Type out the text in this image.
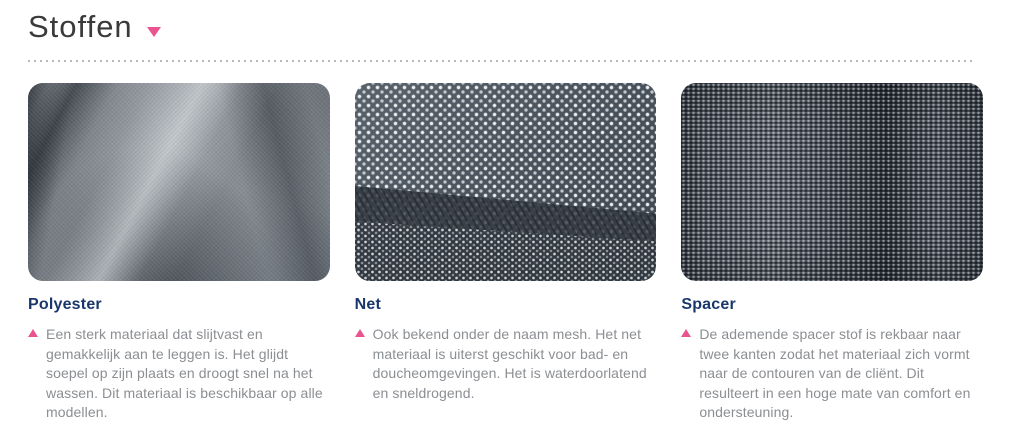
Stoffen
Polyester

Een sterk materiaal dat slijtvast en gemakkelijk aan te leggen is. Het glijdt soepel op zijn plaats en droogt snel na het wassen. Dit materiaal is beschikbaar op alle modellen.

Net

Ook bekend onder de naam mesh. Het net materiaal is uiterst geschikt voor bad- en doucheomgevingen. Het is waterdoorlatend en sneldrogend.

Spacer

De ademende spacer stof is rekbaar naar twee kanten zodat het materiaal zich vormt naar de contouren van de cliënt. Dit resulteert in een hoge mate van comfort en ondersteuning.
